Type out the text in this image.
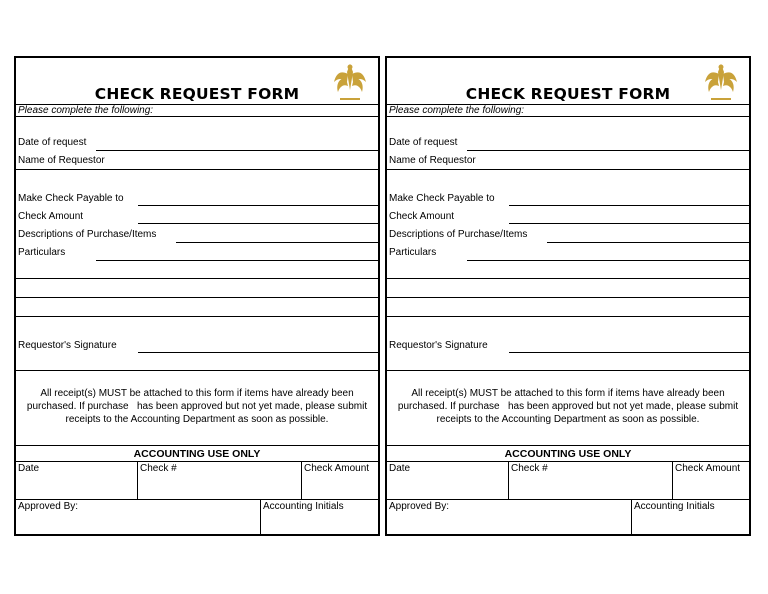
CHECK REQUEST FORM
Please complete the following:
Date of request
Name of Requestor
Make Check Payable to
Check Amount
Descriptions of Purchase/Items
Particulars
Requestor's Signature
All receipt(s) MUST be attached to this form if items have already been purchased. If purchase   has been approved but not yet made, please submit receipts to the Accounting Department as soon as possible.
ACCOUNTING USE ONLY
Date	Check #	Check Amount
Approved By:	Accounting Initials
CHECK REQUEST FORM
Please complete the following:
Date of request
Name of Requestor
Make Check Payable to
Check Amount
Descriptions of Purchase/Items
Particulars
Requestor's Signature
All receipt(s) MUST be attached to this form if items have already been purchased. If purchase   has been approved but not yet made, please submit receipts to the Accounting Department as soon as possible.
ACCOUNTING USE ONLY
Date	Check #	Check Amount
Approved By:	Accounting Initials
